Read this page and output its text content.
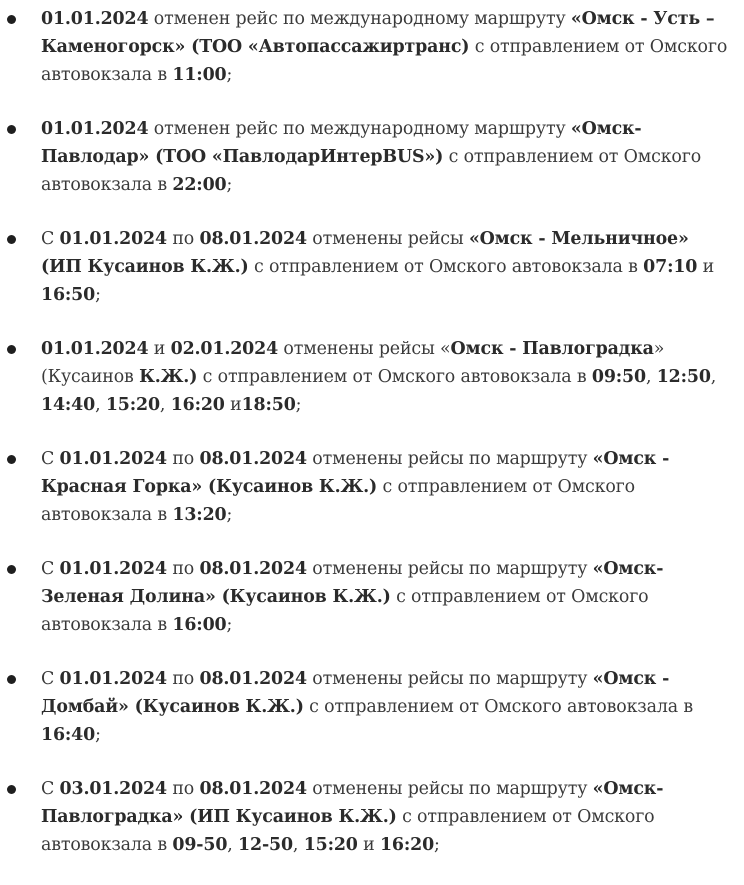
01.01.2024 отменен рейс по международному маршруту «Омск - Усть – Каменогорск» (ТОО «Автопассажиртранс) с отправлением от Омского автовокзала в 11:00;
01.01.2024 отменен рейс по международному маршруту «Омск-Павлодар» (ТОО «ПавлодарИнтерBUS») с отправлением от Омского автовокзала в 22:00;
С 01.01.2024 по 08.01.2024 отменены рейсы «Омск - Мельничное» (ИП Кусаинов К.Ж.) с отправлением от Омского автовокзала в 07:10 и 16:50;
01.01.2024 и 02.01.2024 отменены рейсы «Омск - Павлоградка» (Кусаинов К.Ж.) с отправлением от Омского автовокзала в 09:50, 12:50, 14:40, 15:20, 16:20 и18:50;
С 01.01.2024 по 08.01.2024 отменены рейсы по маршруту «Омск - Красная Горка» (Кусаинов К.Ж.) с отправлением от Омского автовокзала в 13:20;
С 01.01.2024 по 08.01.2024 отменены рейсы по маршруту «Омск-Зеленая Долина» (Кусаинов К.Ж.) с отправлением от Омского автовокзала в 16:00;
С 01.01.2024 по 08.01.2024 отменены рейсы по маршруту «Омск - Домбай» (Кусаинов К.Ж.) с отправлением от Омского автовокзала в 16:40;
С 03.01.2024 по 08.01.2024 отменены рейсы по маршруту «Омск-Павлоградка» (ИП Кусаинов К.Ж.) с отправлением от Омского автовокзала в 09-50, 12-50, 15:20 и 16:20;
